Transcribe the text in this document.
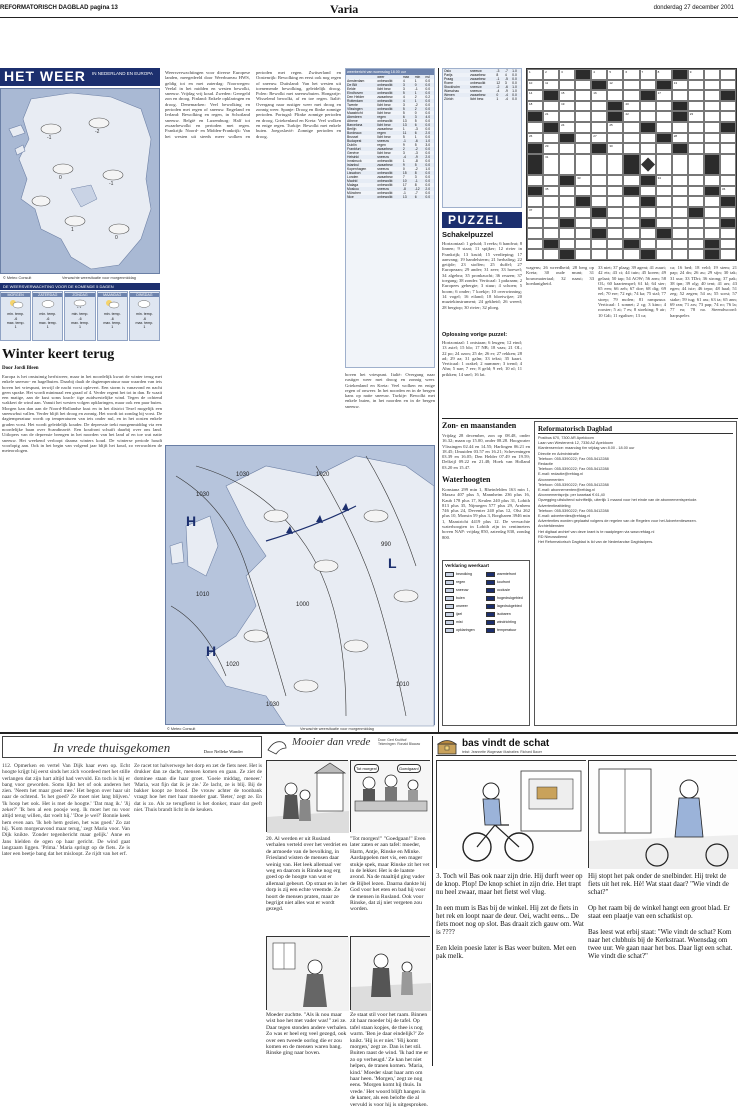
REFORMATORISCH DAGBLAD pagina 13	Varia	donderdag 27 december 2001
HET WEER IN NEDERLAND EN EUROPA
-1
-2
0
-1
1
0
© Meteo Consult	Verwachte weersituatie voor morgenmiddag
DE WEERSVERWACHTING VOOR DE KOMENDE 5 DAGEN
MORGEN
min. temp.
-6
max. temp.
1
ZATERDAG
min. temp.
-6
max. temp.
1
ZONDAG
* *
min. temp.
-6
max. temp.
1
MAANDAG
min. temp.
-6
max. temp.
1
DINSDAG
min. temp.
-6
max. temp.
1
Winter keert terug
Door Jordi Bleen
Europa is het onstuimig herfstweer, maar in het noordelijk kwart de winter terug met enkele sneeuw- en hagelbuien. Daarbij daalt de dagtemperatuur naar waarden van iets boven het vriespunt, terwijl de nacht vorst oplevert. Een storm is vanavond en nacht geen sprake. Het wordt minimaal een graad of 4. Verder regent het tot in dan. Er waait een matige, aan de kust soms krach- tige zuidwestelijke wind. Tegen de ochtend wakkert de wind aan. Vanuit het westen volgen opklaringen, maar ook een paar buien. Morgen kan dan aan de Noord-Hollandse kust en in het district Texel mogelijk een sneeuwbui vallen. Verder blijft het droog en zonnig. Het wordt tot zondag bij vorst. De dagtemperatuur wordt op temperaturen van iets onder nul, en in het oosten enkele graden vorst. Het wordt geleidelijk kouder. De depressie trekt morgenmiddag via een noordelijke baan over Scandinavië. Een koufront schuift daarbij over ons land. Uitlopers van de depressie brengen in het noorden van het land af en toe wat natte sneeuw. Het weekend verloopt daarna winters koud. De winterse periode houdt voorlopig aan. Ook in het begin van volgend jaar blijft het koud, zo verwachten de meteorologen.
Weersverwachtingen voor diverse Europese landen, meegedeeld door Weerbureau HWS, geldig tot en met zaterdag: Noorwegen: Veelal in het midden en westen bewolkt, sneeuw. Vrijdag vrij koud. Zweden: Geregeld zon en droog. Finland: Enkele opklaringen en droog. Denemarken: Veel bewolking en perioden met regen of sneeuw. Engeland en Ierland: Bewolking en regen, in Schotland sneeuw. België en Luxemburg: Half tot zwaarbewolkt en perioden met regen. Frankrijk: Noord- en Midden-Frankrijk: Van het westen uit steeds meer wolken en perioden met regen. Zwitserland en Oostenrijk: Bewolking en eerst ook nog regen of sneeuw. Duitsland: Van het westen uit toenemende bewolking, geleidelijk droog. Polen: Bewolkt met sneeuwbuien. Hongarije: Wisselend bewolkt, af en toe regen. Italië: Overgang naar rustiger weer met droog en zonnig weer. Spanje: Droog en flinke zonnige perioden. Portugal: Flinke zonnige perioden en droog. Griekenland en Kreta: Veel wolken en enige regen. Turkije: Bewolkt met enkele buien. Joegoslavië: Zonnige perioden en droog.
weerbericht van woensdag 18.00 uur
	weer	max	min	nsl
Amsterdam	onbewolkt	4	1	0.0
De Bilt	onbewolkt	3	0	0.0
Eelde	licht bew.	3	-1	0.0
Eindhoven	onbewolkt	5	1	0.0
Den Helder	zwaarbew.	4	2	0.2
Rotterdam	onbewolkt	4	1	0.0
Twente	licht bew.	3	-2	0.0
Vlissingen	onbewolkt	5	2	0.0
Maastricht	licht bew.	5	0	0.0
Aberdeen	regen	6	3	4.0
Athene	onbewolkt	13	5	0.0
Barcelona	licht bew.	13	6	0.0
Berlijn	zwaarbew.	1	-3	0.0
Bordeaux	regen	11	6	2.0
Brussel	licht bew.	5	1	0.0
Budapest	sneeuw	-1	-6	1.0
Dublin	regen	9	5	3.0
Frankfurt	zwaarbew.	2	-2	0.0
Genève	licht bew.	3	-3	0.0
Helsinki	sneeuw	-4	-9	2.0
Innsbruck	onbewolkt	1	-8	0.0
Istanbul	zwaarbew.	9	5	0.0
Kopenhagen	sneeuw	0	-2	1.0
Lissabon	onbewolkt	15	8	0.0
Londen	zwaarbew.	7	3	0.0
Madrid	onbewolkt	10	-1	0.0
Malaga	onbewolkt	17	8	0.0
Moskou	sneeuw	-8	-12	2.0
München	onbewolkt	-1	-7	0.0
Nice	onbewolkt	13	6	0.0
boven het vriespunt. Italië: Overgang naar rustiger weer met droog en zonnig weer. Griekenland en Kreta: Veel wolken en enige regen of onweer. In het noorden en in de bergen kans op natte sneeuw. Turkije: Bewolkt met enkele buien, in het noorden en in de bergen sneeuw.
1030
1030	1020
1010
1000
990
1020
1030
1010
H
H
L
© Meteo Consult	Verwachte weersituatie voor morgenmiddag
Oslo	sneeuw	-3	-7	1.0
Parijs	zwaarbew.	8	4	0.0
Praag	zwaarbew.	-1	-5	0.0
Rome	onbewolkt	12	3	0.0
Stockholm	sneeuw	-2	-6	1.0
Warschau	sneeuw	-4	-9	1.0
Wenen	zwaarbew.	0	-4	0.0
Zürich	licht bew.	1	-4	0.0
PUZZEL
1	2	3	4	5	6	7	8	9
10	11	12	13
14	15	16	17
18	19	20
21	22	23
24	25
26	27	28
29	30
31
33	34
35	36
37
Schakelpuzzel
Horizontaal: 1 geluid; 3 reeks; 6 handvat; 8 linnen; 9 staat; 11 spijker; 12 rivier in Frankrijk; 13 kruid; 15 verdieping; 17 aanvang; 19 handelsterm; 21 herhaling; 22 getijde; 23 stoffen; 25 duffel; 27 Europeaan; 29 ander; 31 zeer; 33 hoewel; 34 algebra; 35 pronkzucht; 36 reuzen; 37 toegang; 38 zonder. Verticaal: 1 pakraam; 2 Europees gebergte; 3 stuur; 4 schoen; 5 boom; 6 onder; 7 koekje; 10 overwinning; 14 vogel; 16 eiland; 18 bloeiwijze; 20 muziekinstrument; 24 gekheid; 26 wreed; 28 bergtop; 30 rivier; 32 ploeg.
Oplossing vorige puzzel:
Horizontaal: 1 ontstaan; 6 leugen; 12 eind; 13 asiel; 15 blo; 17 NB; 18 vaas; 21 OL; 22 po; 24 ozon; 25 de; 26 er; 27 rekken; 28 ad; 29 aa; 31 galm; 33 tekst; 35 kaart. Verticaal: 1 orakel; 2 nummer; 3 trend; 4 Ahn; 5 nae; 7 eer; 8 geld; 9 eel; 10 nl; 11 prikken; 14 snel; 16 lat.
wagens; 26 wreedheid; 28 berg op Kreta; 30 oude munt; 31 bouwmateriaal; 32 naast; 33 hoedanigheid.
33 niet; 37 plaag; 39 agent; 41 zuurt; 42 ets; 43 ci; 44 tuin; 45 koren; 49 gelaat; 50 tap; 54 AOW; 56 arm; 58 OL; 60 kaartenspel; 61 kl; 64 sier; 65 een; 66 zeh; 67 doe; 68 dig; 69 eel; 70 ere; 72 egt; 74 ka; 75 stal; 77 stoep; 79 molen; 81 rampzuur. Verticaal: 1 sonnet; 2 cg; 3 kino; 4 rooster; 5 ai; 7 es; 8 stoeking; 9 air; 10 Gdi; 11 egaliser; 13 ca;
ca; 16 bed; 18 veld; 19 stem; 21 pap; 24 dn; 26 au; 29 sijn; 30 tak; 31 uur; 33 TDrt; 36 strong; 37 pak; 38 tpn; 39 olg; 40 tent; 41 ars; 43 egen; 44 iste; 46 tepo; 48 haal; 51 zeg; 52 zegen; 54 as; 55 sorst; 57 stake; 59 tug; 61 ass; 63 ta; 65 ann; 69 ran; 71 ars; 73 pap; 74 ro; 76 la; 77 ea; 78 no. Steendwoord: harpspeler.
Zon- en maanstanden
Vrijdag 28 december, zon op 08.48, onder 16.32; maan op 15.00, onder 08.28. Hoogwater Vlissingen 02.44 en 14.55; Harlingen 06.21 en 18.45; IJmuiden 03.57 en 16.21; Scheveningen 03.39 en 16.05; Den Helder 07.49 en 19.59; Delfzijl 09.22 en 21.48; Hoek van Holland 03.20 en 15.47.
Waterhoogten
Konstanz 299 min 1, Rheinfelden 163 min 1, Maxau 407 plus 5, Mannheim 236 plus 16, Kaub 178 plus 17, Keulen 240 plus 31, Lobith 813 plus 35, Nijmegen 577 plus 29, Arnhem 746 plus 24, Deventer 240 plus 12, Olst 262 plus 10, Monsin 59 plus 3, Borgharen 3946 min 1, Maastricht 4419 plus 12. De verwachte waterhoogten in Lobith zijn in centimeters boven NAP: vrijdag 850, zaterdag 830, zondag 800.
Verklaring weerkaart
bewolking	warmtefront
regen	koufront
sneeuw	occlusie
buien	hogedrukgebied
onweer	lagedrukgebied
ijzel	isobaren
mist	windrichting
opklaringen	temperatuur
Reformatorisch Dagblad
Postbus 670, 7300 AR Apeldoorn
Laan van Westenenk 12, 7336 AZ Apeldoorn
Klantenservice: maandag t/m vrijdag van 8.00 - 18.00 uur
Directie en Administratie
Telefoon: 055-5390222; Fax 055-5412288
Redactie
Telefoon: 055-5390222; Fax 055-5412288
E-mail: redactie@refdag.nl
Abonnementen
Telefoon: 055-5390222; Fax 055-5412288
E-mail: abonnementen@refdag.nl
Abonnementsprijs: per kwartaal € 61,40
Opzegging uitsluitend schriftelijk, uiterlijk 1 maand voor het einde van de abonnementsperiode.
Advertentieafdeling
Telefoon: 055-5390222; Fax 055-5412288
E-mail: advertenties@refdag.nl
Advertenties worden geplaatst volgens de regelen van de Regelen voor het Advertentiewezen.
Archiefdiensten
Het digitaal archief van deze krant is te raadplegen via www.refdag.nl
RD Nieuwsdienst
Het Reformatorisch Dagblad is lid van de Nederlandse Dagbladpers.
In vrede thuisgekomen	Door Nelleke Wander
112. Opmerken en vertel Van Dijk haar even op. Echt hoogte krijgt hij eerst sinds het zich voordeed met het stille verlangen dat zijn hart altijd had vervuld. En toch is hij er bang voor geworden. Soms lijkt het of ook anderen het zien. 'Neem het maar goed mee.' Het begon over haar uit naar de ochtend. 'Is het goed? Ze moet niet lang blijven.' 'Ik hoop het ook. Het is met de hoogte.' 'Dat mag ik.' 'Jij zeker?' 'Ik ben al een poosje weg. Ik moet het nu voor altijd terug willen, dat voelt hij.' 'Doe je wel?' Bonnie keek hem even aan. 'Ik heb hem gezien, het was goed.' Zo zat hij. 'Kom morgenavond maar terug,' zegt Maria voor. Van Dijk knikte. 'Zonder tegenbericht maar gelijk.' Anne en Jans hielden de ogen op haar gericht. De wind gaat langzaam liggen. 'Prima.' Maria springt op de fiets. Ze is later een beetje bang dat het misloopt. Ze rijdt van het erf.
Ze racet tot halverwege het dorp en zet de fiets neer. Het is drukker dan ze dacht, mensen komen en gaan. Ze ziet de dominee staan die haar groet. 'Goeie middag, meneer.' 'Maria, wat fijn dat ik je zie.' Ze lacht, ze is blij. Bij de bakker koopt ze brood. De vrouw achter de toonbank vraagt hoe het met haar moeder gaat. 'Beter,' zegt ze. En dat is zo. Als ze terugfietst is het donker, maar dat geeft niet. Thuis brandt licht in de keuken.
Mooier dan vrede Door: Gert Kruithof
Tekeningen: Ronald Blaauw
Tot morgen!	Goedgaan!
20. Al werden er uit Rusland verhalen verteld over het verdriet en de armoede van de bevolking, in Friesland wisten de mensen daar weinig van. Het leek allemaal ver weg en daarom is Rinske nog erg goed op de hoogte van wat er allemaal gebeurt. Op straat en in het dorp is zij een echte vreemde. Ze hoort de mensen praten, maar ze begrijpt niet alles wat er wordt gezegd.
"Tot morgen!" "Goedgaan!" Even later zaten er aan tafel: moeder, Harm, Antje, Rinske en Minke. Aardappelen met vis, een mager stukje spek, maar Rinske zit het vet in de lekker. Het is de laatste avond. Na de maaltijd ging vader de Bijbel lezen. Daarna dankte hij God voor het eten en bad hij voor de mensen in Rusland. Ook voor Rinske, dat zij niet vergeten zou worden.
Moeder zuchtte. "Als ik nou maar wist hoe het met vader was!" zei ze. Daar tegen stonden andere verhalen. Zo was er heel erg veel gezegd, ook over een tweede oorlog die er zou komen en de mensen waren bang. Rinske ging naar boven.
Ze staat stil voor het raam. Binnen zit haar moeder bij de tafel. Op tafel staan kopjes, de thee is nog warm. 'Ben je daar eindelijk?' Ze knikt. 'Hij is er niet.' 'Hij komt morgen,' zegt ze. Dan is het stil. Buiten raast de wind. 'Ik had me er zo op verheugd.' Ze kan het niet helpen, de tranen komen. 'Maria, kind.' Moeder slaat haar arm om haar heen. 'Morgen,' zegt ze nog eens. 'Morgen komt hij thuis. In vrede.' Het woord blijft hangen in de kamer, als een belofte die al vervuld is voor hij is uitgesproken.
bas vindt de schat
tekst: Jeannette Wagenaar illustraties: Richard Bauer
3. Toch wil Bas ook naar zijn drie. Hij durft weer op de knop. Plop! De knop schiet in zijn drie. Het trapt nu heel zwaar, maar het fietst wel vlug.

In een mum is Bas bij de winkel. Hij zet de fiets in het rek en loopt naar de deur. Oei, wacht eens... De fiets moet nog op slot. Bas draait zich gauw om. Wat is ????

Een klein poesie later is Bas weer buiten. Met een pak melk.
Hij stopt het pak onder de snelbinder. Hij trekt de fiets uit het rek. Hè! Wat staat daar? "Wie vindt de schat?"

Op het raam bij de winkel hangt een groot blad. Er staat een plaatje van een schatkist op.

Bas leest wat erbij staat: "Wie vindt de schat? Kom naar het clubhuis bij de Kerkstraat. Woensdag om twee uur. We gaan naar het bos. Daar ligt een schat. Wie vindt die schat?"
